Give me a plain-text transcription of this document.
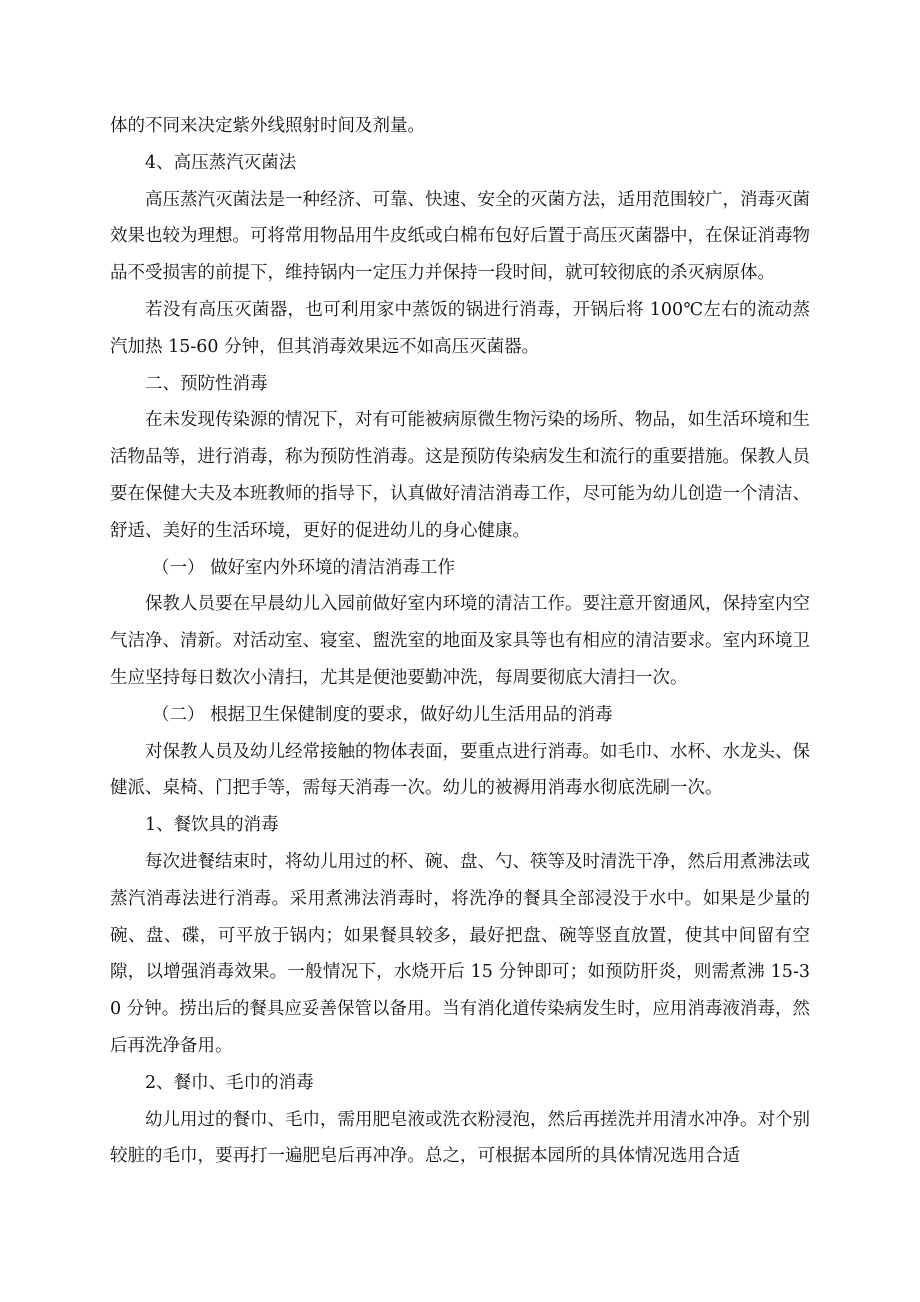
体的不同来决定紫外线照射时间及剂量。

4、高压蒸汽灭菌法

高压蒸汽灭菌法是一种经济、可靠、快速、安全的灭菌方法，适用范围较广，消毒灭菌效果也较为理想。可将常用物品用牛皮纸或白棉布包好后置于高压灭菌器中，在保证消毒物品不受损害的前提下，维持锅内一定压力并保持一段时间，就可较彻底的杀灭病原体。

若没有高压灭菌器，也可利用家中蒸饭的锅进行消毒，开锅后将 100℃左右的流动蒸汽加热 15-60 分钟，但其消毒效果远不如高压灭菌器。

二、预防性消毒

在未发现传染源的情况下，对有可能被病原微生物污染的场所、物品，如生活环境和生活物品等，进行消毒，称为预防性消毒。这是预防传染病发生和流行的重要措施。保教人员要在保健大夫及本班教师的指导下，认真做好清洁消毒工作，尽可能为幼儿创造一个清洁、舒适、美好的生活环境，更好的促进幼儿的身心健康。

（一） 做好室内外环境的清洁消毒工作

保教人员要在早晨幼儿入园前做好室内环境的清洁工作。要注意开窗通风，保持室内空气洁净、清新。对活动室、寝室、盥洗室的地面及家具等也有相应的清洁要求。室内环境卫生应坚持每日数次小清扫，尤其是便池要勤冲洗，每周要彻底大清扫一次。

（二） 根据卫生保健制度的要求，做好幼儿生活用品的消毒

对保教人员及幼儿经常接触的物体表面，要重点进行消毒。如毛巾、水杯、水龙头、保健派、桌椅、门把手等，需每天消毒一次。幼儿的被褥用消毒水彻底洗刷一次。

1、餐饮具的消毒

每次进餐结束时，将幼儿用过的杯、碗、盘、勺、筷等及时清洗干净，然后用煮沸法或蒸汽消毒法进行消毒。采用煮沸法消毒时，将洗净的餐具全部浸没于水中。如果是少量的碗、盘、碟，可平放于锅内；如果餐具较多，最好把盘、碗等竖直放置，使其中间留有空隙，以增强消毒效果。一般情况下，水烧开后 15 分钟即可；如预防肝炎，则需煮沸 15-30 分钟。捞出后的餐具应妥善保管以备用。当有消化道传染病发生时，应用消毒液消毒，然后再洗净备用。

2、餐巾、毛巾的消毒

幼儿用过的餐巾、毛巾，需用肥皂液或洗衣粉浸泡，然后再搓洗并用清水冲净。对个别较脏的毛巾，要再打一遍肥皂后再冲净。总之，可根据本园所的具体情况选用合适
